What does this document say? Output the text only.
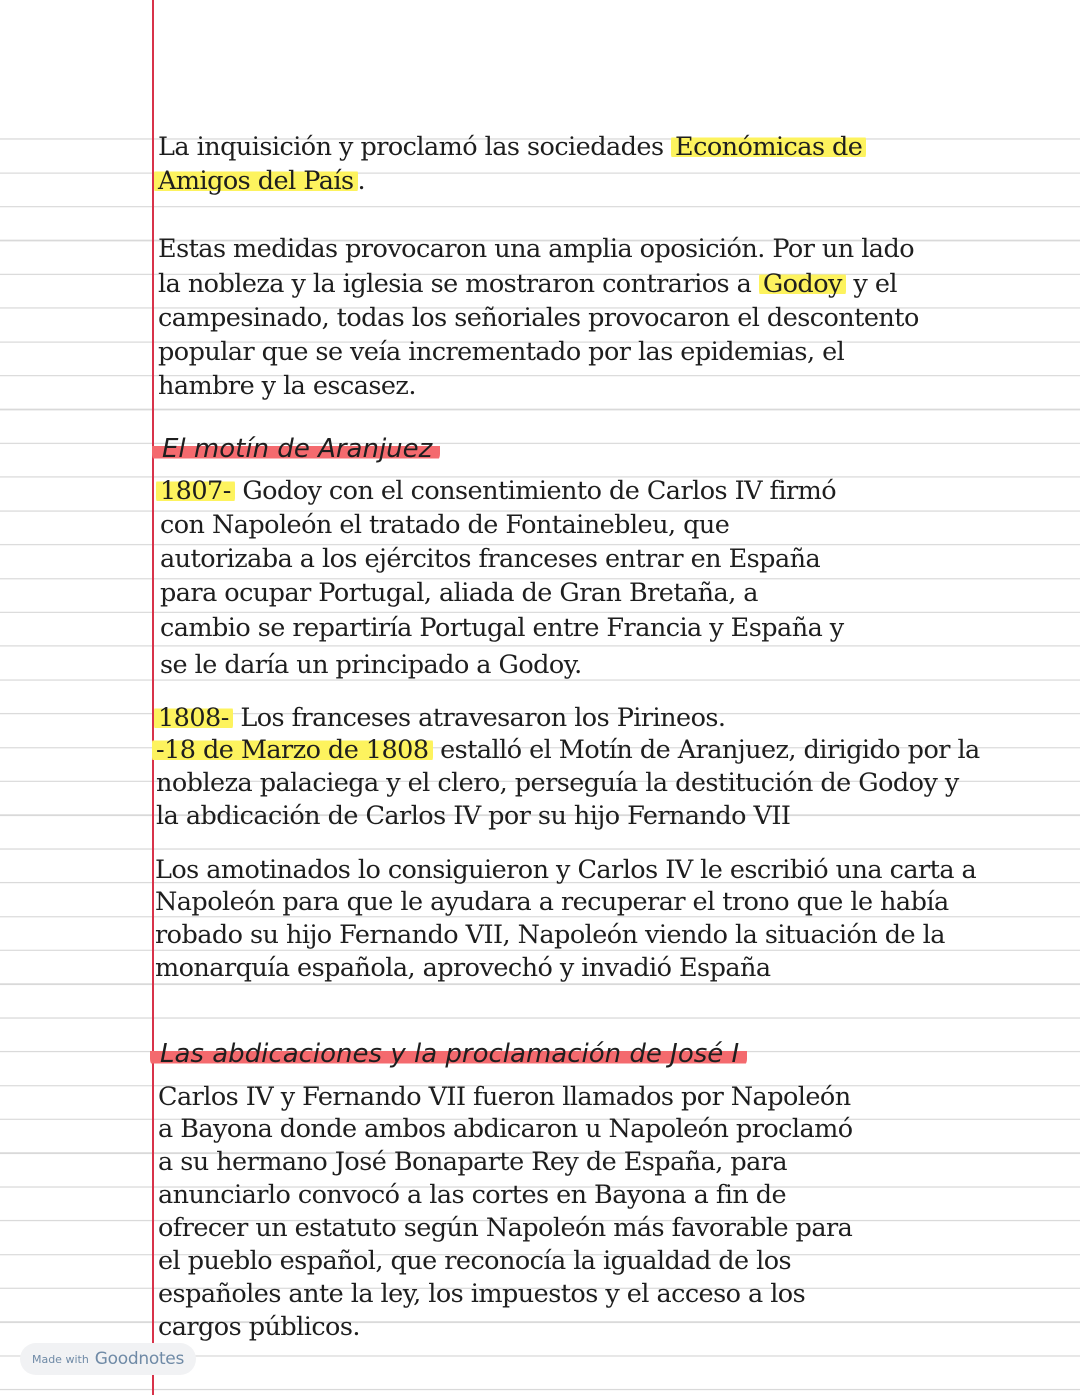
La inquisición y proclamó las sociedades Económicas de

Amigos del País .

Estas medidas provocaron una amplia oposición. Por un lado

la nobleza y la iglesia se mostraron contrarios a Godoy y el

campesinado, todas los señoriales provocaron el descontento

popular que se veía incrementado por las epidemias, el

hambre y la escasez.

El motín de Aranjuez

1807- Godoy con el consentimiento de Carlos IV firmó

con Napoleón el tratado de Fontainebleu, que

autorizaba a los ejércitos franceses entrar en España

para ocupar Portugal, aliada de Gran Bretaña, a

cambio se repartiría Portugal entre Francia y España y

se le daría un principado a Godoy.

1808- Los franceses atravesaron los Pirineos.

-18 de Marzo de 1808 estalló el Motín de Aranjuez, dirigido por la

nobleza palaciega y el clero, perseguía la destitución de Godoy y

la abdicación de Carlos IV por su hijo Fernando VII

Los amotinados lo consiguieron y Carlos IV le escribió una carta a

Napoleón para que le ayudara a recuperar el trono que le había

robado su hijo Fernando VII, Napoleón viendo la situación de la

monarquía española, aprovechó y invadió España

Las abdicaciones y la proclamación de José I

Carlos IV y Fernando VII fueron llamados por Napoleón

a Bayona donde ambos abdicaron u Napoleón proclamó

a su hermano José Bonaparte Rey de España, para

anunciarlo convocó a las cortes en Bayona a fin de

ofrecer un estatuto según Napoleón más favorable para

el pueblo español, que reconocía la igualdad de los

españoles ante la ley, los impuestos y el acceso a los

cargos públicos.

Made with Goodnotes
